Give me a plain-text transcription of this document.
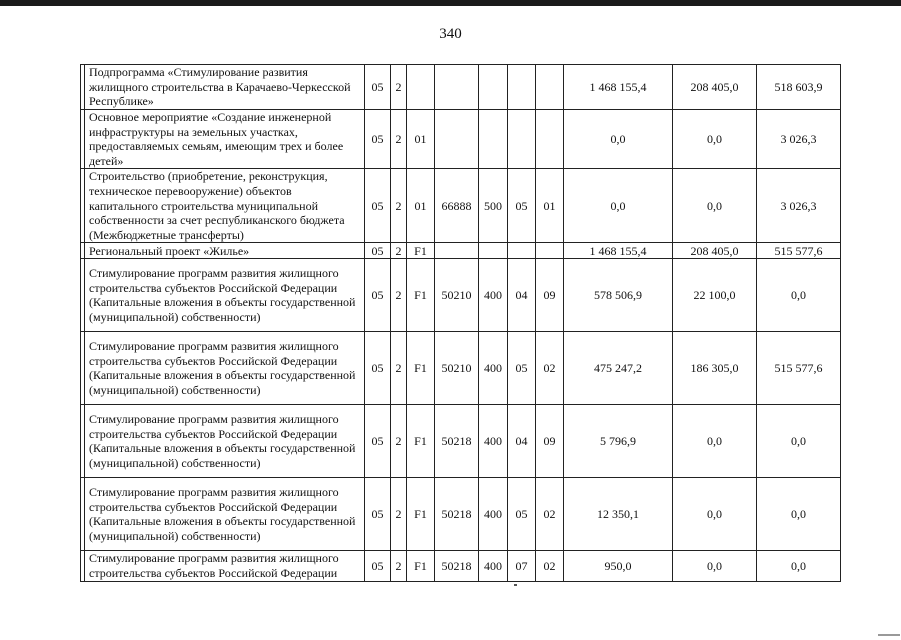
340
	Подпрограмма «Стимулирование развития жилищного строительства в Карачаево-Черкесской Республике»	05	2						1 468 155,4	208 405,0	518 603,9
	Основное мероприятие «Создание инженерной инфраструктуры на земельных участках, предоставляемых семьям, имеющим трех и более детей»	05	2	01					0,0	0,0	3 026,3
	Строительство (приобретение, реконструкция, техническое перевооружение) объектов капитального строительства муниципальной собственности за счет республиканского бюджета (Межбюджетные трансферты)	05	2	01	66888	500	05	01	0,0	0,0	3 026,3
	Региональный проект «Жилье»	05	2	F1					1 468 155,4	208 405,0	515 577,6
	Стимулирование программ развития жилищного строительства субъектов Российской Федерации (Капитальные вложения в объекты государственной (муниципальной) собственности)	05	2	F1	50210	400	04	09	578 506,9	22 100,0	0,0
	Стимулирование программ развития жилищного строительства субъектов Российской Федерации (Капитальные вложения в объекты государственной (муниципальной) собственности)	05	2	F1	50210	400	05	02	475 247,2	186 305,0	515 577,6
	Стимулирование программ развития жилищного строительства субъектов Российской Федерации (Капитальные вложения в объекты государственной (муниципальной) собственности)	05	2	F1	50218	400	04	09	5 796,9	0,0	0,0
	Стимулирование программ развития жилищного строительства субъектов Российской Федерации (Капитальные вложения в объекты государственной (муниципальной) собственности)	05	2	F1	50218	400	05	02	12 350,1	0,0	0,0
	Стимулирование программ развития жилищного строительства субъектов Российской Федерации	05	2	F1	50218	400	07	02	950,0	0,0	0,0
